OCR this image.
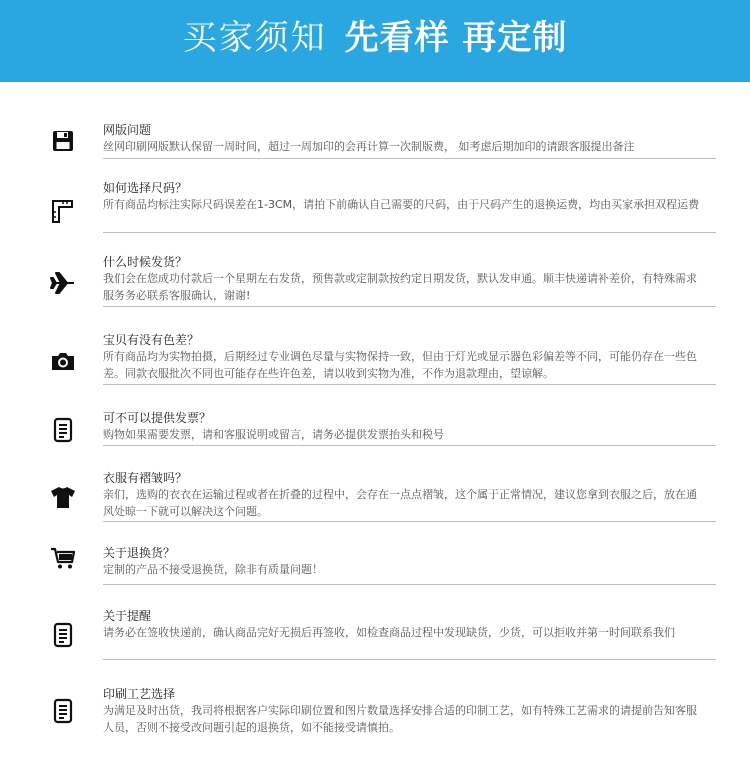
买家须知 先看样 再定制
网版问题
丝网印刷网版默认保留一周时间，超过一周加印的会再计算一次制版费， 如考虑后期加印的请跟客服提出备注
如何选择尺码？
所有商品均标注实际尺码误差在1-3CM，请拍下前确认自己需要的尺码，由于尺码产生的退换运费，均由买家承担双程运费
什么时候发货？
我们会在您成功付款后一个星期左右发货，预售款或定制款按约定日期发货，默认发申通。顺丰快递请补差价，有特殊需求服务务必联系客服确认，谢谢!
宝贝有没有色差？
所有商品均为实物拍摄，后期经过专业调色尽量与实物保持一致，但由于灯光或显示器色彩偏差等不同，可能仍存在一些色差。同款衣服批次不同也可能存在些许色差，请以收到实物为准，不作为退款理由，望谅解。
可不可以提供发票？
购物如果需要发票，请和客服说明或留言，请务必提供发票抬头和税号
衣服有褶皱吗？
亲们，选购的衣衣在运输过程或者在折叠的过程中，会存在一点点褶皱，这个属于正常情况，建议您拿到衣服之后，放在通风处晾一下就可以解决这个问题。
关于退换货？
定制的产品不接受退换货，除非有质量问题！
关于提醒
请务必在签收快递前，确认商品完好无损后再签收，如检查商品过程中发现缺货，少货，可以拒收并第一时间联系我们
印刷工艺选择
为满足及时出货，我司将根据客户实际印刷位置和图片数量选择安排合适的印制工艺，如有特殊工艺需求的请提前告知客服人员，否则不接受改问题引起的退换货，如不能接受请慎拍。
